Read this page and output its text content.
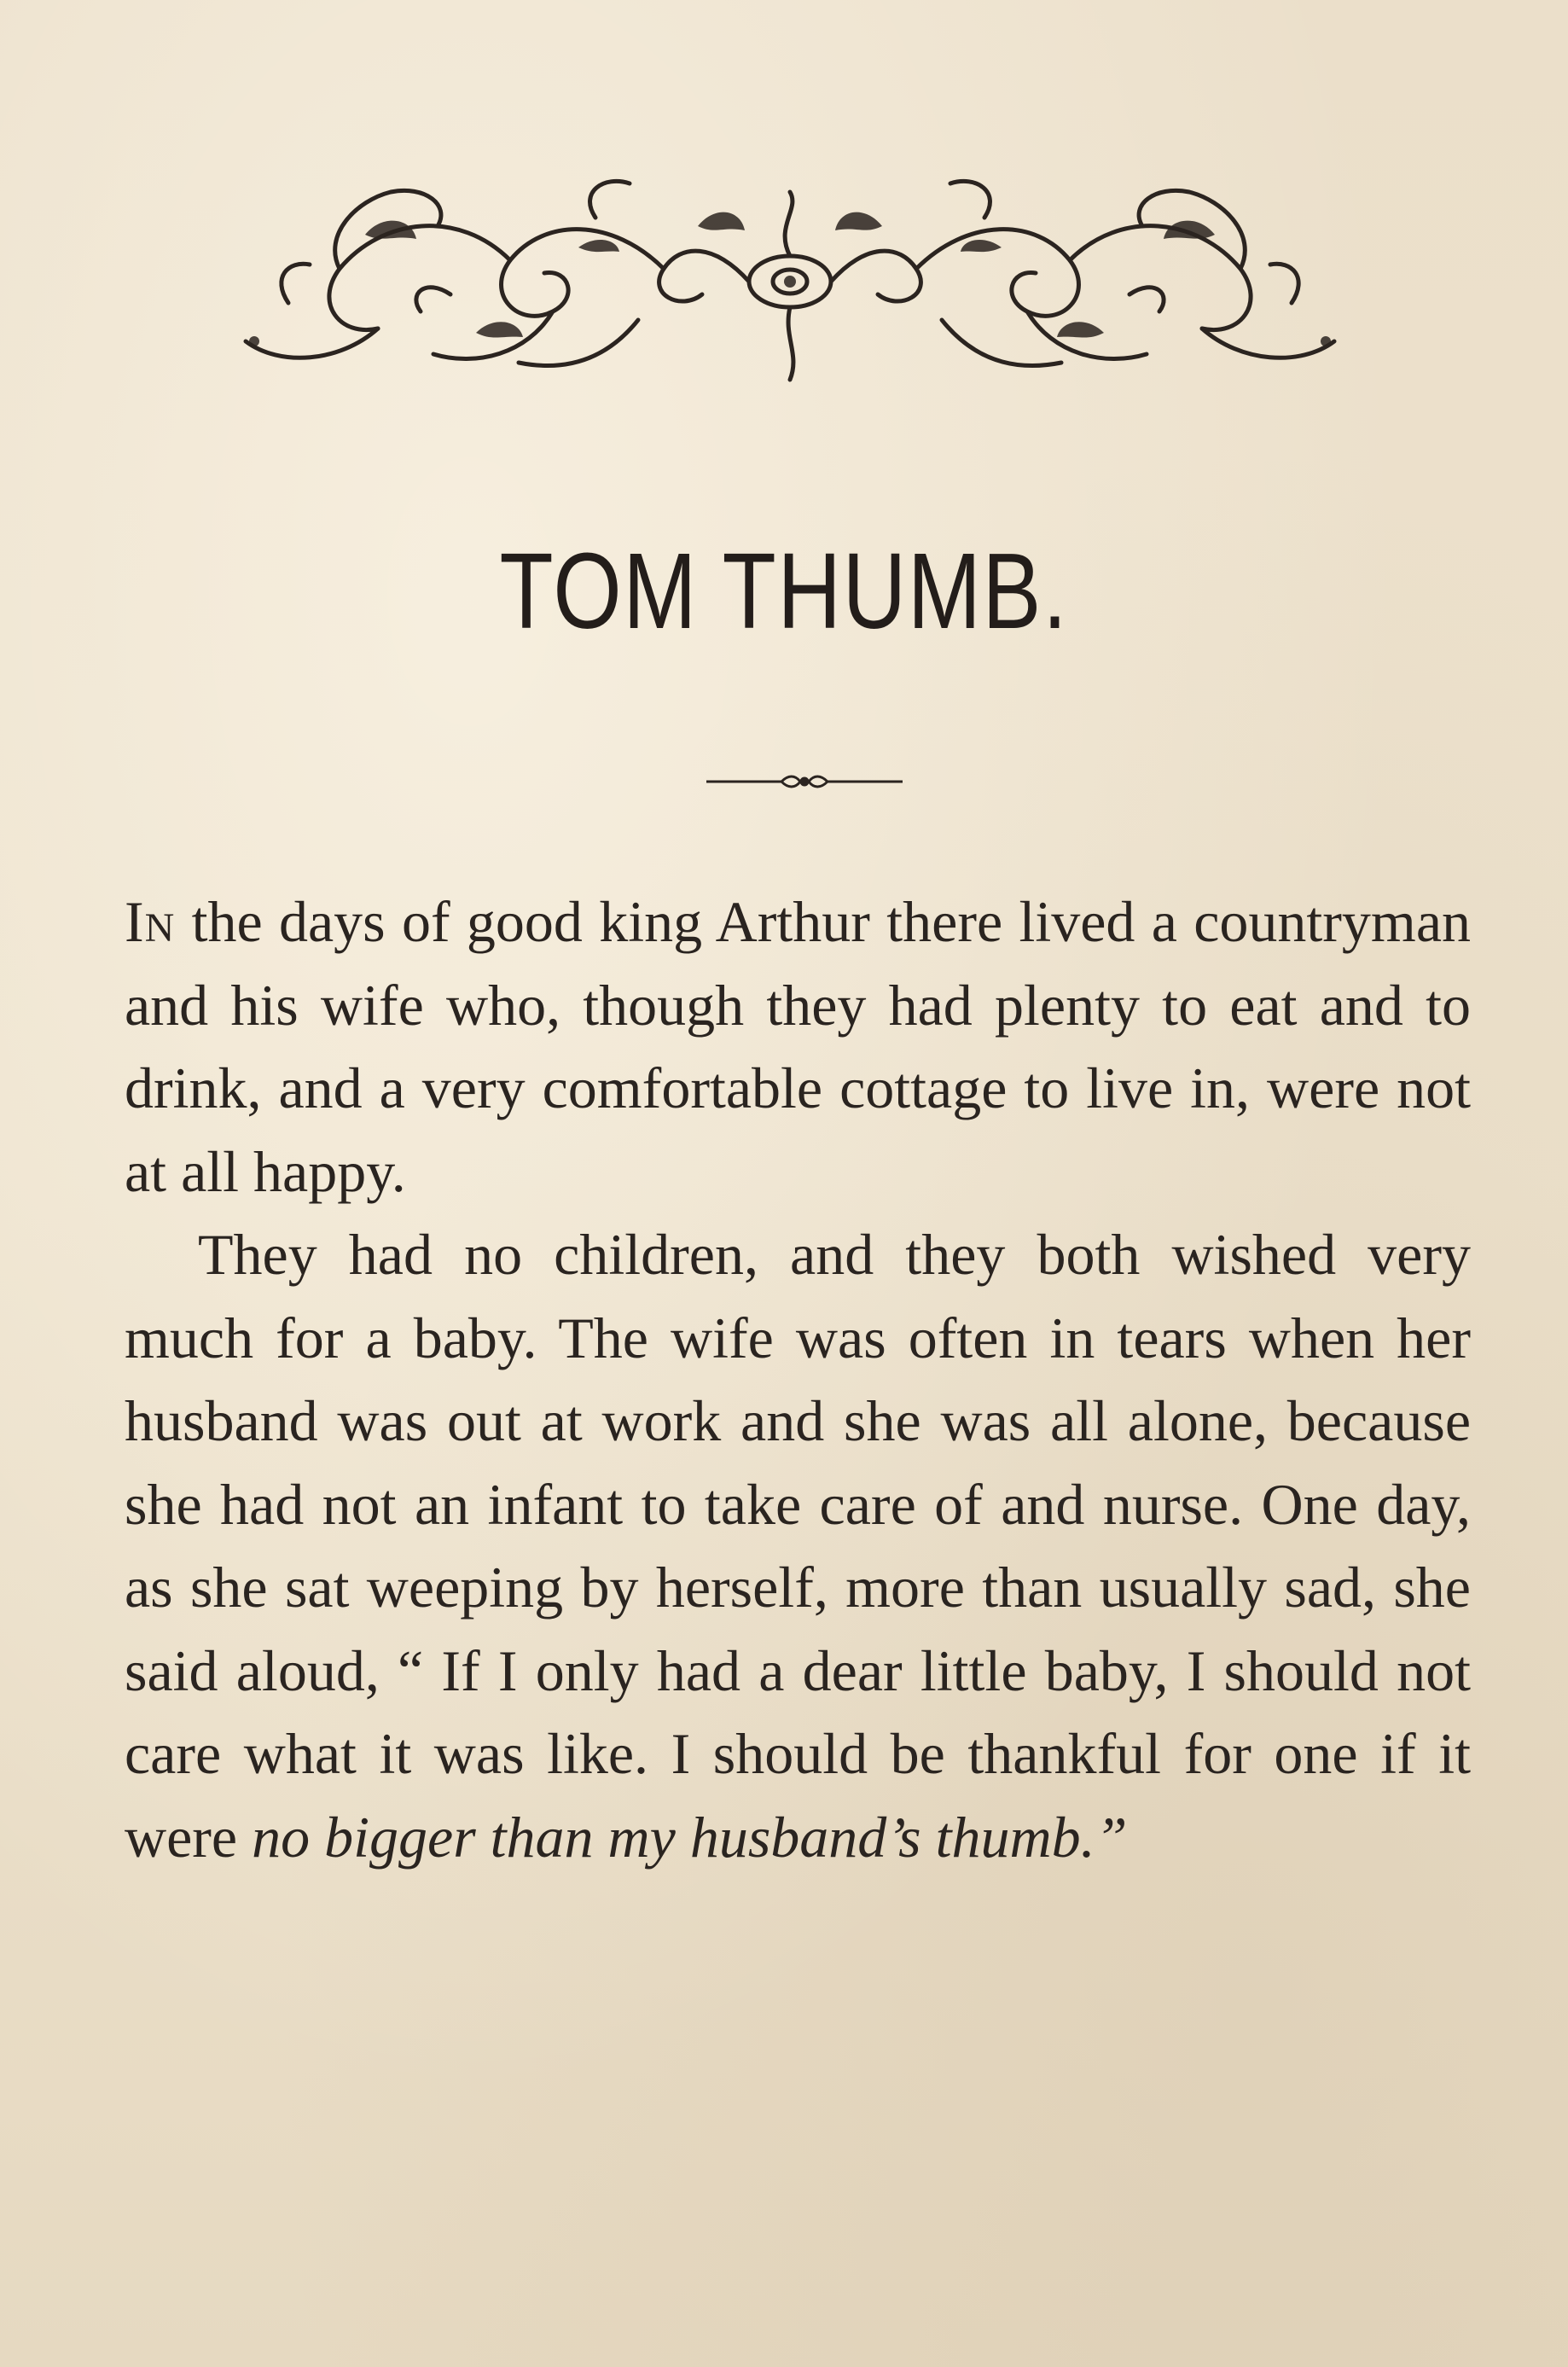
TOM THUMB.

In the days of good king Arthur there lived a countryman and his wife who, though they had plenty to eat and to drink, and a very comfortable cottage to live in, were not at all happy.

They had no children, and they both wished very much for a baby. The wife was often in tears when her husband was out at work and she was all alone, because she had not an infant to take care of and nurse. One day, as she sat weeping by herself, more than usually sad, she said aloud, “ If I only had a dear little baby, I should not care what it was like. I should be thankful for one if it were no bigger than my husband’s thumb.”
